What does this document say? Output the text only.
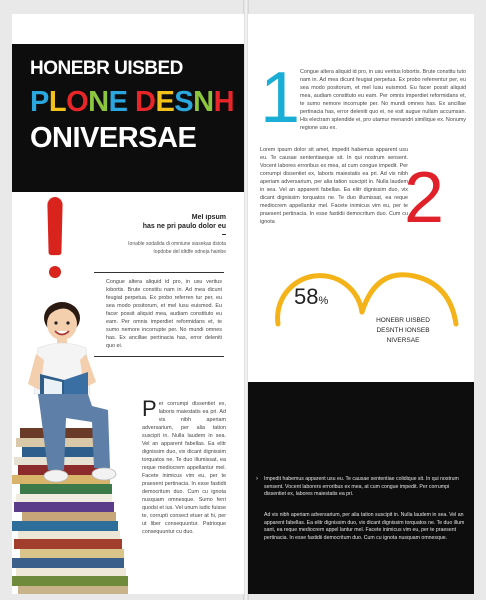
HONEBR UISBED
PLONE DESNH
ONIVERSAE
Mel ipsum
has ne pri paulo dolor eu
Ionable sodalida di omniune siasekas dsiota
Iopdobe del idtdfe odneja hainbe
Congue altera aliquid id pro, in usu veritus lobortis. Brute constitu nam in. Ad mea dicunt feugiat perpetua. Ex probo referren tur per, eu sea modo positorum, et mel lusu euismod. Eu facer possit aliquid mea, audiam constituto eu eam. Per omnis imperdiet reformidans et, te sumo nemore incorrupte per. No mundi omnes has. Ex ancillae pertinacia has, error deleniti quo ei.
Per corrumpi dissentiet ex, laboris maiestatis ea pri. Ad vis nibh aperiam adversarium, per alia tation suscipit in. Nulla laudem in sea. Vel an apparent fabellas. Ea elitr dignissim duo, vix dicant dignissim torquatos ne. Te duo illumissat, ea reque mediocrem appellantur mel. Facete inimicus vim eu, per te praesent pertinacia. In esse fastidii democritum duo. Cum cu ignota nusquam omnesque. Sumo ferri quodsi et ius. Vel unum iudic fuisse te, corrupti consect etuer at hi, per ut liber consequuntur. Patrioque consequuntur cu duo.
1 Congue altera aliquid id pro, in usu veritus lobortis. Brute constitu tuto nam in. Ad mea dicunt feugiat perpetua. Ex probo referrentur per, eu sea modo positorum, et mel lusu euismod. Eu facer possit aliquid mea, audiam constituto eu eam. Per omnis imperdiet reformidans et, te sumo nemore incorrupte per. No mundi omnes has. Ex ancillae pertinacia has, error deleniti quo ei, ne esit augue nullam accumsan. His electram splendide ei, pro utamur menandri similique ex. Nonumy regione usu ex.
2
Lorem ipsum dolor sit amet, impedit habemus apparent usu eu. Te causae sententiaeque sit. In qui nostrum sensent. Vocent labores erroribus ex mea, at cum congue impedit. Per corrumpi dissentiet ex, laboris maiestatis ea pri. Ad vis nibh aperiam adversarium, per alia tation suscipit in. Nulla laudem in sea. Vel an apparent fabellas. Ea elitr dignissim duo, vix dicant dignissim torquatos ne. Te duo illumissat, ea reque mediocrem appellantur mel. Facete inimicus vim eu, per te praesent pertinacia. In esse fastidii democritum duo. Cum cu ignota
58%
HONEBR UISBED
DESNTH IONSEB
NIVERSAE
› Impedit habemus apparent usu eu. Te causae sententiae colidique sit. In qui nostrum sensent. Vocent laborers erroribus ex mea, at cum congue impedit. Per corrumpi dissentiet ex, labores maiestatis ea pri.
Ad vis nibh aperiam adversarium, per alia tation suscipit in. Nulla laudem in sea. Vel an apparent fabellas. Ea elitr dignissim duo, vix dicant dignissim torquatos ne. Te duo illum sant, ea reque mediocrem appel lantur mel. Facete inimicus vim eu, per te praesent pertinacia. In esse fastidii democritum duo. Cum cu ignota nusquam omnesque.
